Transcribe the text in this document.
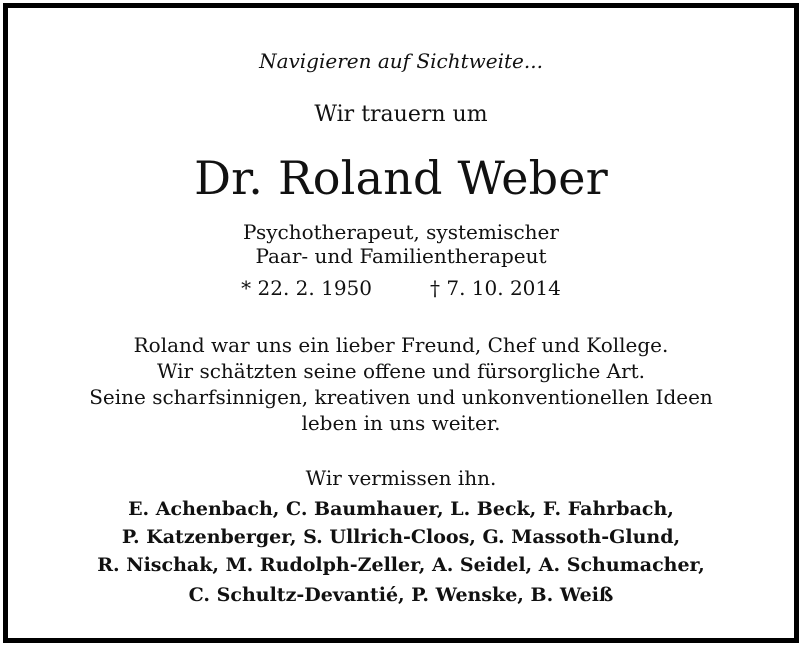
Navigieren auf Sichtweite...
Wir trauern um
Dr. Roland Weber
Psychotherapeut, systemischer
Paar- und Familientherapeut
* 22. 2. 1950	† 7. 10. 2014
Roland war uns ein lieber Freund, Chef und Kollege.
Wir schätzten seine offene und fürsorgliche Art.
Seine scharfsinnigen, kreativen und unkonventionellen Ideen
leben in uns weiter.
Wir vermissen ihn.
E. Achenbach, C. Baumhauer, L. Beck, F. Fahrbach,
P. Katzenberger, S. Ullrich-Cloos, G. Massoth-Glund,
R. Nischak, M. Rudolph-Zeller, A. Seidel, A. Schumacher,
C. Schultz-Devantié, P. Wenske, B. Weiß
